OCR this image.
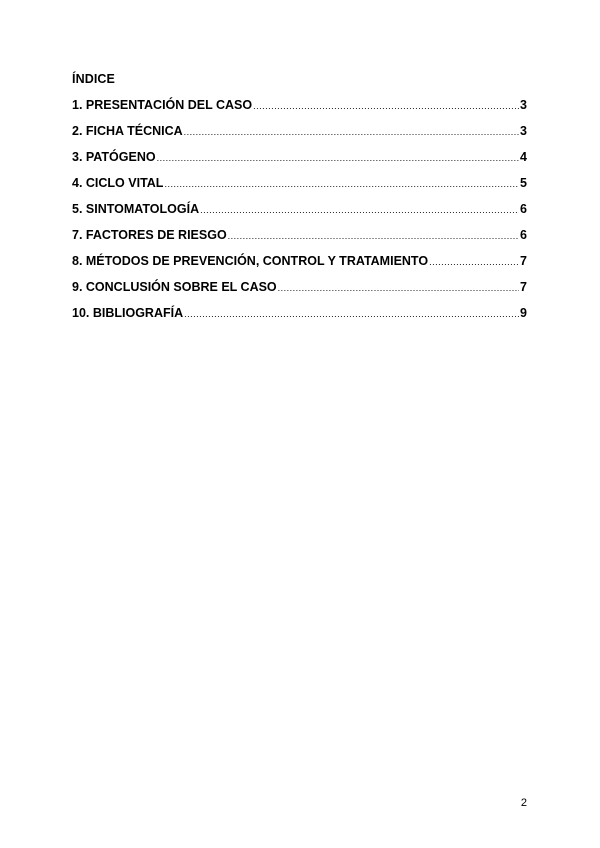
ÍNDICE
1. PRESENTACIÓN DEL CASO .....	3
2. FICHA TÉCNICA .....	3
3. PATÓGENO .....	4
4. CICLO VITAL .....	5
5. SINTOMATOLOGÍA .....	6
7. FACTORES DE RIESGO .....	6
8. MÉTODOS DE PREVENCIÓN, CONTROL Y TRATAMIENTO .....	7
9. CONCLUSIÓN SOBRE EL CASO .....	7
10. BIBLIOGRAFÍA .....	9
2
